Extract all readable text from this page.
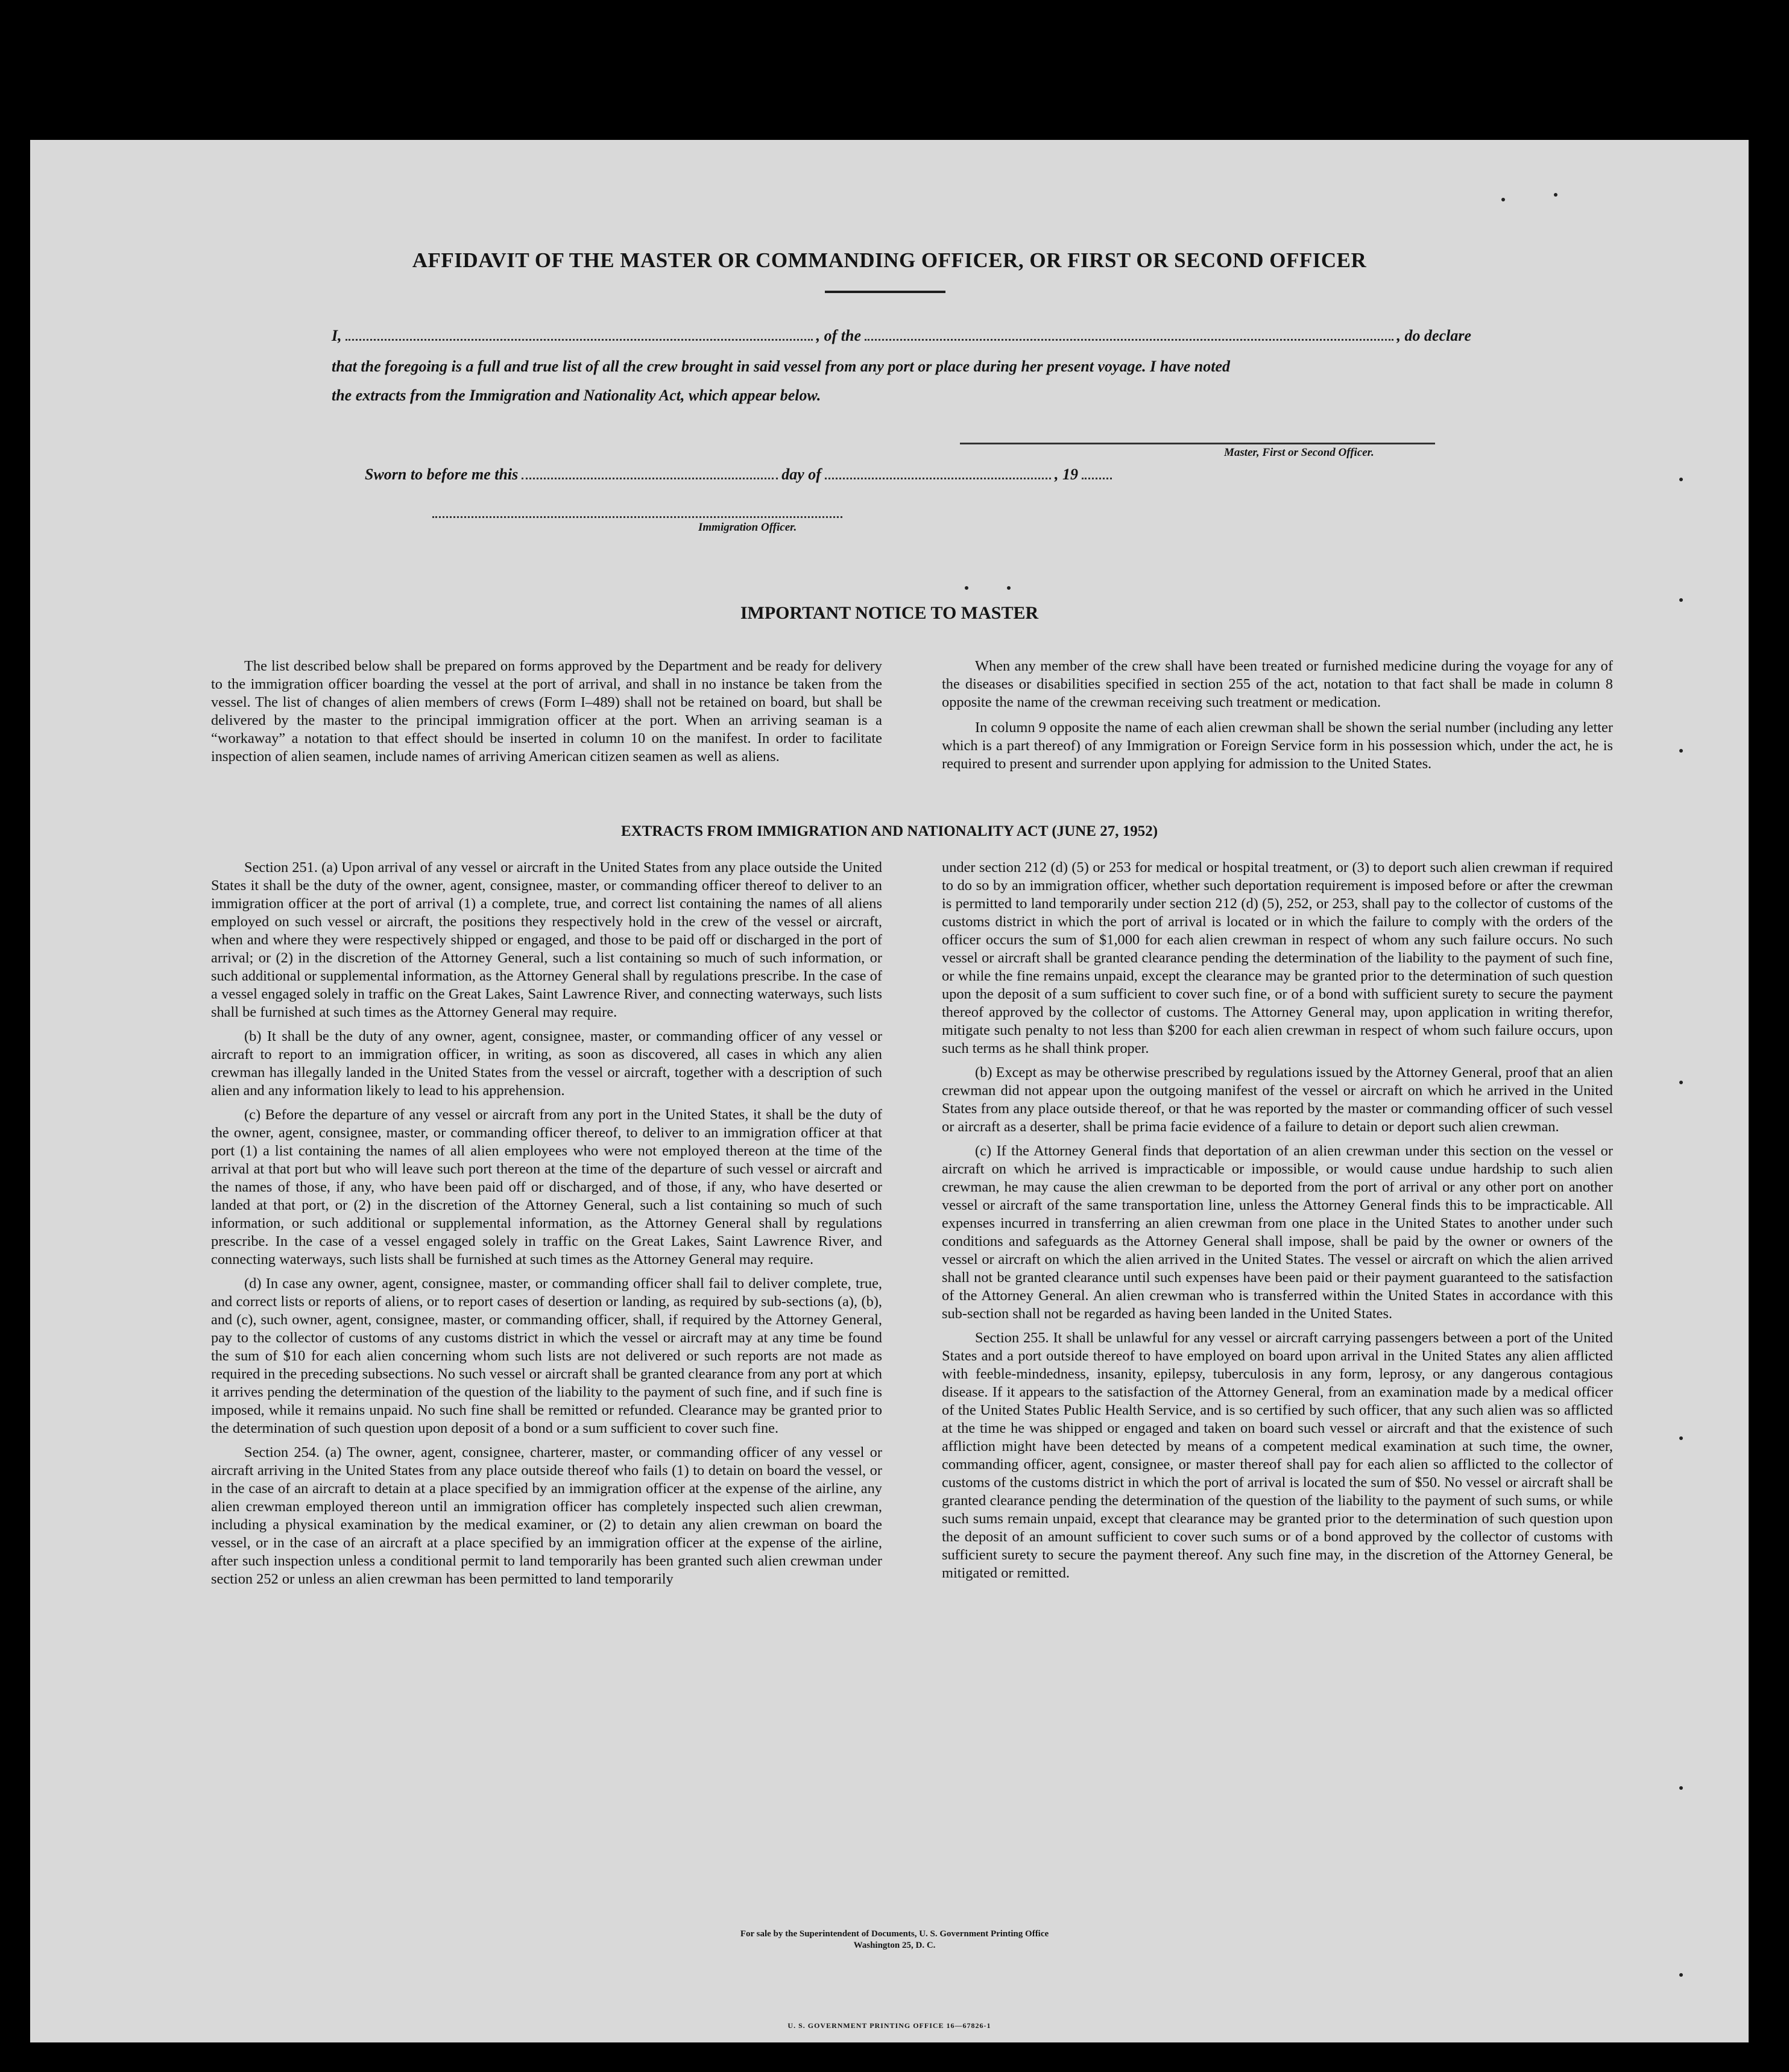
AFFIDAVIT OF THE MASTER OR COMMANDING OFFICER, OR FIRST OR SECOND OFFICER
I,	, of the	, do declare
that the foregoing is a full and true list of all the crew brought in said vessel from any port or place during her present voyage. I have noted
the extracts from the Immigration and Nationality Act, which appear below.
Master, First or Second Officer.
Sworn to before me this	day of	, 19
Immigration Officer.
IMPORTANT NOTICE TO MASTER

The list described below shall be prepared on forms approved by the Department and be ready for delivery to the immigration officer boarding the vessel at the port of arrival, and shall in no instance be taken from the vessel. The list of changes of alien members of crews (Form I–489) shall not be retained on board, but shall be delivered by the master to the principal immigration officer at the port. When an arriving seaman is a “workaway” a notation to that effect should be inserted in column 10 on the manifest. In order to facilitate inspection of alien seamen, include names of arriving American citizen seamen as well as aliens.

When any member of the crew shall have been treated or furnished medicine during the voyage for any of the diseases or disabilities specified in section 255 of the act, notation to that fact shall be made in column 8 opposite the name of the crewman receiving such treatment or medication.

In column 9 opposite the name of each alien crewman shall be shown the serial number (including any letter which is a part thereof) of any Immigration or Foreign Service form in his possession which, under the act, he is required to present and surrender upon applying for admission to the United States.

EXTRACTS FROM IMMIGRATION AND NATIONALITY ACT (JUNE 27, 1952)

Section 251. (a) Upon arrival of any vessel or aircraft in the United States from any place outside the United States it shall be the duty of the owner, agent, consignee, master, or commanding officer thereof to deliver to an immigration officer at the port of arrival (1) a complete, true, and correct list containing the names of all aliens employed on such vessel or aircraft, the positions they respectively hold in the crew of the vessel or aircraft, when and where they were respectively shipped or engaged, and those to be paid off or discharged in the port of arrival; or (2) in the discretion of the Attorney General, such a list containing so much of such information, or such additional or supplemental information, as the Attorney General shall by regulations prescribe. In the case of a vessel engaged solely in traffic on the Great Lakes, Saint Lawrence River, and connecting waterways, such lists shall be furnished at such times as the Attorney General may require.

(b) It shall be the duty of any owner, agent, consignee, master, or commanding officer of any vessel or aircraft to report to an immigration officer, in writing, as soon as discovered, all cases in which any alien crewman has illegally landed in the United States from the vessel or aircraft, together with a description of such alien and any information likely to lead to his apprehension.

(c) Before the departure of any vessel or aircraft from any port in the United States, it shall be the duty of the owner, agent, consignee, master, or commanding officer thereof, to deliver to an immigration officer at that port (1) a list containing the names of all alien employees who were not employed thereon at the time of the arrival at that port but who will leave such port thereon at the time of the departure of such vessel or aircraft and the names of those, if any, who have been paid off or discharged, and of those, if any, who have deserted or landed at that port, or (2) in the discretion of the Attorney General, such a list containing so much of such information, or such additional or supplemental information, as the Attorney General shall by regulations prescribe. In the case of a vessel engaged solely in traffic on the Great Lakes, Saint Lawrence River, and connecting waterways, such lists shall be furnished at such times as the Attorney General may require.

(d) In case any owner, agent, consignee, master, or commanding officer shall fail to deliver complete, true, and correct lists or reports of aliens, or to report cases of desertion or landing, as required by sub-sections (a), (b), and (c), such owner, agent, consignee, master, or commanding officer, shall, if required by the Attorney General, pay to the collector of customs of any customs district in which the vessel or aircraft may at any time be found the sum of $10 for each alien concerning whom such lists are not delivered or such reports are not made as required in the preceding subsections. No such vessel or aircraft shall be granted clearance from any port at which it arrives pending the determination of the question of the liability to the payment of such fine, and if such fine is imposed, while it remains unpaid. No such fine shall be remitted or refunded. Clearance may be granted prior to the determination of such question upon deposit of a bond or a sum sufficient to cover such fine.

Section 254. (a) The owner, agent, consignee, charterer, master, or commanding officer of any vessel or aircraft arriving in the United States from any place outside thereof who fails (1) to detain on board the vessel, or in the case of an aircraft to detain at a place specified by an immigration officer at the expense of the airline, any alien crewman employed thereon until an immigration officer has completely inspected such alien crewman, including a physical examination by the medical examiner, or (2) to detain any alien crewman on board the vessel, or in the case of an aircraft at a place specified by an immigration officer at the expense of the airline, after such inspection unless a conditional permit to land temporarily has been granted such alien crewman under section 252 or unless an alien crewman has been permitted to land temporarily

under section 212 (d) (5) or 253 for medical or hospital treatment, or (3) to deport such alien crewman if required to do so by an immigration officer, whether such deportation requirement is imposed before or after the crewman is permitted to land temporarily under section 212 (d) (5), 252, or 253, shall pay to the collector of customs of the customs district in which the port of arrival is located or in which the failure to comply with the orders of the officer occurs the sum of $1,000 for each alien crewman in respect of whom any such failure occurs. No such vessel or aircraft shall be granted clearance pending the determination of the liability to the payment of such fine, or while the fine remains unpaid, except the clearance may be granted prior to the determination of such question upon the deposit of a sum sufficient to cover such fine, or of a bond with sufficient surety to secure the payment thereof approved by the collector of customs. The Attorney General may, upon application in writing therefor, mitigate such penalty to not less than $200 for each alien crewman in respect of whom such failure occurs, upon such terms as he shall think proper.

(b) Except as may be otherwise prescribed by regulations issued by the Attorney General, proof that an alien crewman did not appear upon the outgoing manifest of the vessel or aircraft on which he arrived in the United States from any place outside thereof, or that he was reported by the master or commanding officer of such vessel or aircraft as a deserter, shall be prima facie evidence of a failure to detain or deport such alien crewman.

(c) If the Attorney General finds that deportation of an alien crewman under this section on the vessel or aircraft on which he arrived is impracticable or impossible, or would cause undue hardship to such alien crewman, he may cause the alien crewman to be deported from the port of arrival or any other port on another vessel or aircraft of the same transportation line, unless the Attorney General finds this to be impracticable. All expenses incurred in transferring an alien crewman from one place in the United States to another under such conditions and safeguards as the Attorney General shall impose, shall be paid by the owner or owners of the vessel or aircraft on which the alien arrived in the United States. The vessel or aircraft on which the alien arrived shall not be granted clearance until such expenses have been paid or their payment guaranteed to the satisfaction of the Attorney General. An alien crewman who is transferred within the United States in accordance with this sub-section shall not be regarded as having been landed in the United States.

Section 255. It shall be unlawful for any vessel or aircraft carrying passengers between a port of the United States and a port outside thereof to have employed on board upon arrival in the United States any alien afflicted with feeble-mindedness, insanity, epilepsy, tuberculosis in any form, leprosy, or any dangerous contagious disease. If it appears to the satisfaction of the Attorney General, from an examination made by a medical officer of the United States Public Health Service, and is so certified by such officer, that any such alien was so afflicted at the time he was shipped or engaged and taken on board such vessel or aircraft and that the existence of such affliction might have been detected by means of a competent medical examination at such time, the owner, commanding officer, agent, consignee, or master thereof shall pay for each alien so afflicted to the collector of customs of the customs district in which the port of arrival is located the sum of $50. No vessel or aircraft shall be granted clearance pending the determination of the question of the liability to the payment of such sums, or while such sums remain unpaid, except that clearance may be granted prior to the determination of such question upon the deposit of an amount sufficient to cover such sums or of a bond approved by the collector of customs with sufficient surety to secure the payment thereof. Any such fine may, in the discretion of the Attorney General, be mitigated or remitted.

U. S. GOVERNMENT PRINTING OFFICE 16—67826-1
For sale by the Superintendent of Documents, U. S. Government Printing Office
Washington 25, D. C.
